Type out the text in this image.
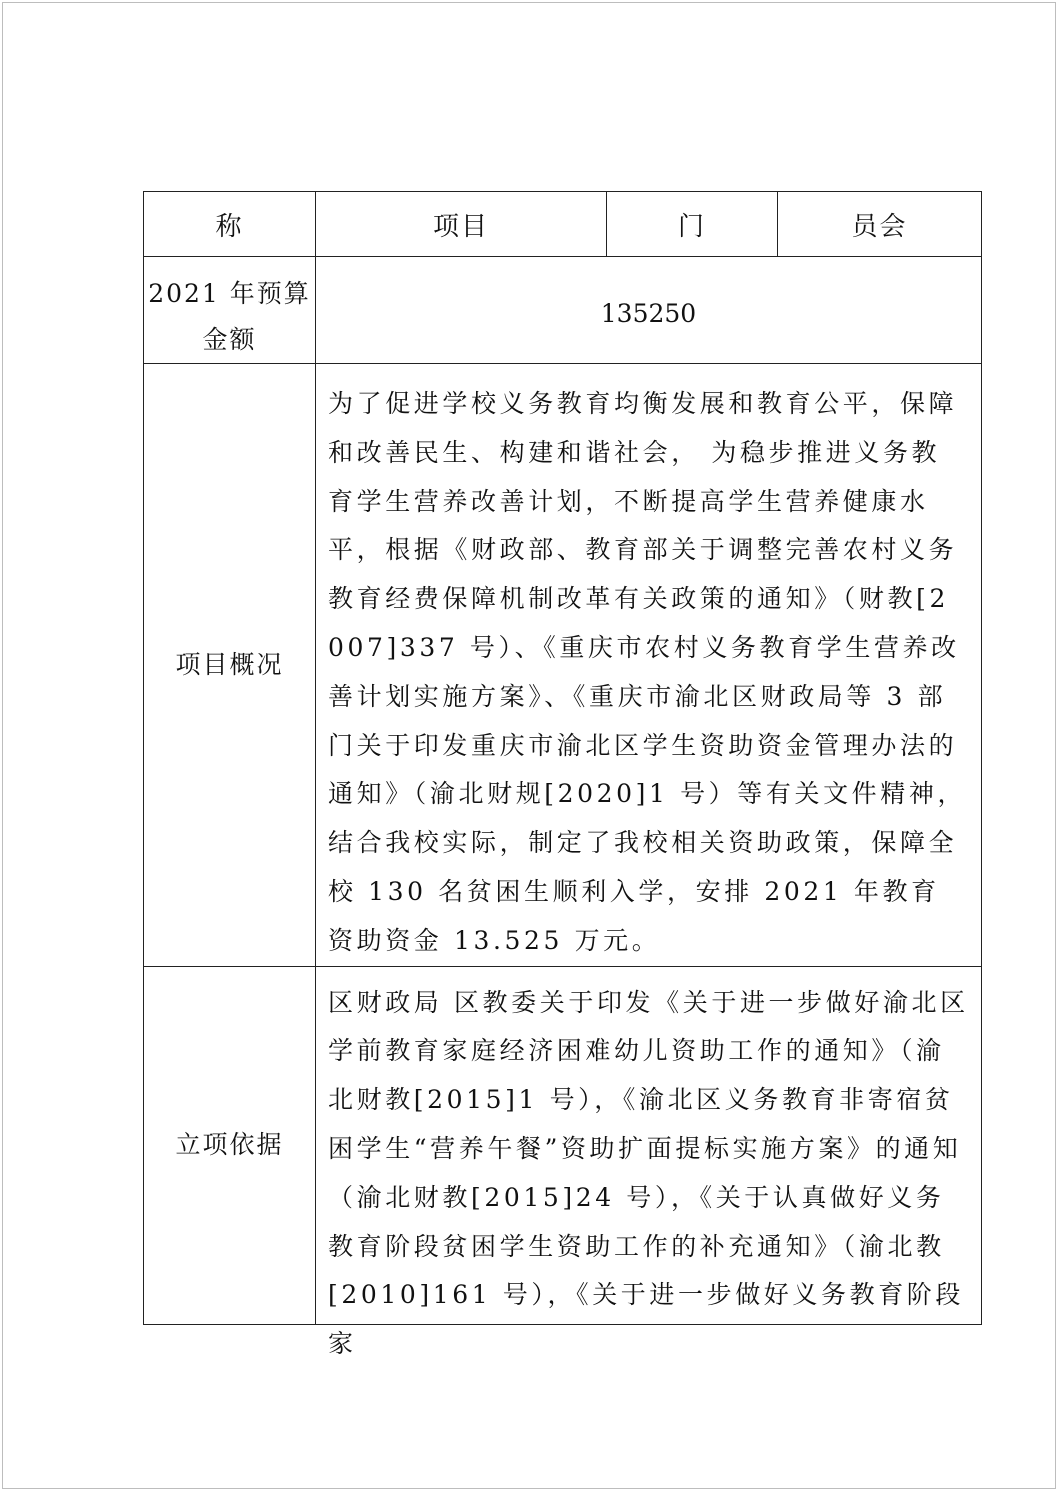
称	项目	门	员会
2021 年预算金额	135250		
项目概况	为了促进学校义务教育均衡发展和教育公平，保障和改善民生、构建和谐社会， 为稳步推进义务教育学生营养改善计划，不断提高学生营养健康水平，根据《财政部、教育部关于调整完善农村义务教育经费保障机制改革有关政策的通知》（财教[2007]337 号）、《重庆市农村义务教育学生营养改善计划实施方案》、《重庆市渝北区财政局等 3 部门关于印发重庆市渝北区学生资助资金管理办法的通知》（渝北财规[2020]1 号）等有关文件精神，结合我校实际，制定了我校相关资助政策，保障全校 130 名贫困生顺利入学，安排 2021 年教育资助资金 13.525 万元。		

立项依据	区财政局 区教委关于印发《关于进一步做好渝北区学前教育家庭经济困难幼儿资助工作的通知》（渝北财教[2015]1 号），《渝北区义务教育非寄宿贫困学生“营养午餐”资助扩面提标实施方案》的通知（渝北财教[2015]24 号），《关于认真做好义务教育阶段贫困学生资助工作的补充通知》（渝北教[2010]161 号），《关于进一步做好义务教育阶段家		
